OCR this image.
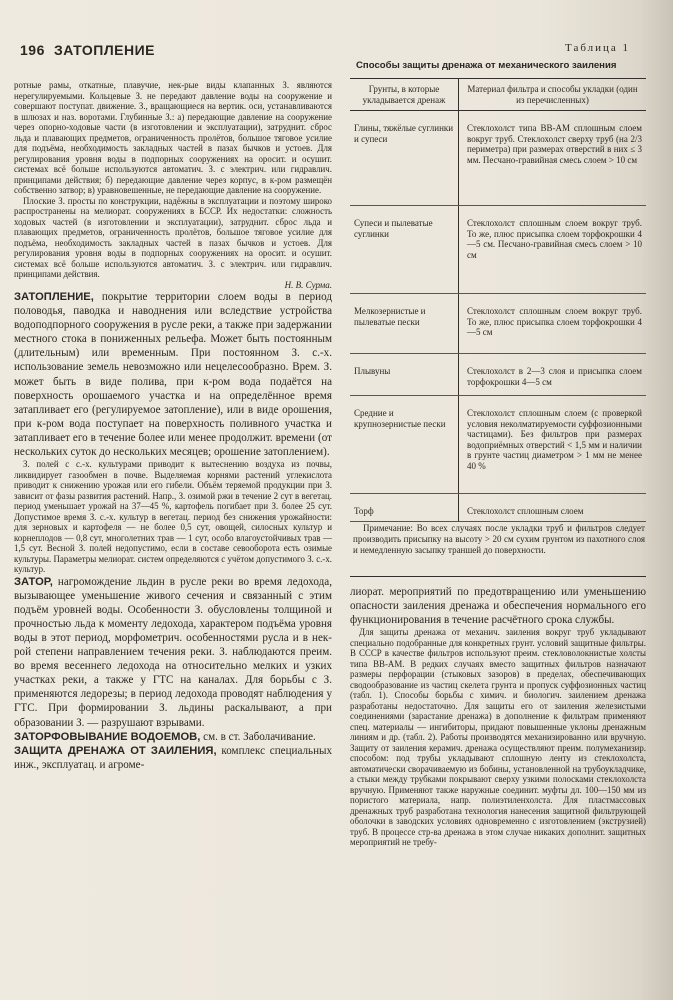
196 ЗАТОПЛЕНИЕ	Таблица 1
Способы защиты дренажа от механического заиления

ротные рамы, откатные, плавучие, нек-рые виды клапанных З. являются нерегулируемыми. Кольцевые З. не передают давление воды на сооружение и совершают поступат. движение. З., вращающиеся на вертик. оси, устанавливаются в шлюзах и наз. воротами. Глубинные З.: а) передающие давление на сооружение через опорно-ходовые части (в изготовлении и эксплуатации), затруднит. сброс льда и плавающих предметов, ограниченность пролётов, большое тяговое усилие для подъёма, необходимость закладных частей в пазах бычков и устоев. Для регулирования уровня воды в подпорных сооружениях на оросит. и осушит. системах всё больше используются автоматич. З. с электрич. или гидравлич. принципами действия; б) передающие давление через корпус, в к-ром размещён собственно затвор; в) уравновешенные, не передающие давление на сооружение.

Плоские З. просты по конструкции, надёжны в эксплуатации и поэтому широко распространены на мелиорат. сооружениях в БССР. Их недостатки: сложность ходовых частей (в изготовлении и эксплуатации), затруднит. сброс льда и плавающих предметов, ограниченность пролётов, большое тяговое усилие для подъёма, необходимость закладных частей в пазах бычков и устоев. Для регулирования уровня воды в подпорных сооружениях на оросит. и осушит. системах всё больше используются автоматич. З. с электрич. или гидравлич. принципами действия.

Н. В. Сурма.

ЗАТОПЛЕНИЕ, покрытие территории слоем воды в период половодья, паводка и наводнения или вследствие устройства водоподпорного сооружения в русле реки, а также при задержании местного стока в пониженных рельефа. Может быть постоянным (длительным) или временным. При постоянном З. с.-х. использование земель невозможно или нецелесообразно. Врем. З. может быть в виде полива, при к-ром вода подаётся на поверхность орошаемого участка и на определённое время затапливает его (регулируемое затопление), или в виде орошения, при к-ром вода поступает на поверхность поливного участка и затапливает его в течение более или менее продолжит. времени (от нескольких суток до нескольких месяцев; орошение затоплением).

З. полей с с.-х. культурами приводит к вытеснению воздуха из почвы, ликвидирует газообмен в почве. Выделяемая корнями растений углекислота приводит к снижению урожая или его гибели. Объём теряемой продукции при З. зависит от фазы развития растений. Напр., З. озимой ржи в течение 2 сут в вегетац. период уменьшает урожай на 37—45 %, картофель погибает при З. более 25 сут. Допустимое время З. с.-х. культур в вегетац. период без снижения урожайности: для зерновых и картофеля — не более 0,5 сут, овощей, силосных культур и корнеплодов — 0,8 сут, многолетних трав — 1 сут, особо влагоустойчивых трав — 1,5 сут. Весной З. полей недопустимо, если в составе севооборота есть озимые культуры. Параметры мелиорат. систем определяются с учётом допустимого З. с.-х. культур.

ЗАТОР, нагромождение льдин в русле реки во время ледохода, вызывающее уменьшение живого сечения и связанный с этим подъём уровней воды. Особенности З. обусловлены толщиной и прочностью льда к моменту ледохода, характером подъёма уровня воды в этот период, морфометрич. особенностями русла и в нек-рой степени направлением течения реки. З. наблюдаются преим. во время весеннего ледохода на относительно мелких и узких участках реки, а также у ГТС на каналах. Для борьбы с З. применяются ледорезы; в период ледохода проводят наблюдения у ГТС. При формировании З. льдины раскалывают, а при образовании З. — разрушают взрывами.

ЗАТОРФОВЫВАНИЕ ВОДОЕМОВ, см. в ст. Заболачивание.

ЗАЩИТА ДРЕНАЖА ОТ ЗАИЛЕНИЯ, комплекс специальных инж., эксплуатац. и агроме-

Грунты, в которые укладывается дренаж	Материал фильтра и способы укладки (один из перечисленных)
Глины, тяжёлые суглинки и супеси	Стеклохолст типа ВВ-АМ сплошным слоем вокруг труб. Стеклохолст сверху труб (на 2/3 периметра) при размерах отверстий в них ≤ 3 мм. Песчано-гравийная смесь слоем > 10 см
Супеси и пылеватые суглинки	Стеклохолст сплошным слоем вокруг труб. То же, плюс присыпка слоем торфокрошки 4—5 см. Песчано-гравийная смесь слоем > 10 см
Мелкозернистые и пылеватые пески	Стеклохолст сплошным слоем вокруг труб. То же, плюс присыпка слоем торфокрошки 4—5 см
Плывуны	Стеклохолст в 2—3 слоя и присыпка слоем торфокрошки 4—5 см
Средние и крупнозернистые пески	Стеклохолст сплошным слоем (с проверкой условия неколматируемости суффозионными частицами). Без фильтров при размерах водоприёмных отверстий < 1,5 мм и наличии в грунте частиц диаметром > 1 мм не менее 40 %
Торф	Стеклохолст сплошным слоем

Примечание: Во всех случаях после укладки труб и фильтров следует производить присыпку на высоту > 20 см сухим грунтом из пахотного слоя и немедленную засыпку траншей до поверхности.

лиорат. мероприятий по предотвращению или уменьшению опасности заиления дренажа и обеспечения нормального его функционирования в течение расчётного срока службы.

Для защиты дренажа от механич. заиления вокруг труб укладывают специально подобранные для конкретных грунт. условий защитные фильтры. В СССР в качестве фильтров используют преим. стекловолокнистые холсты типа ВВ-АМ. В редких случаях вместо защитных фильтров назначают размеры перфорации (стыковых зазоров) в пределах, обеспечивающих сводообразование из частиц скелета грунта и пропуск суффозионных частиц (табл. 1). Способы борьбы с химич. и биологич. заилением дренажа разработаны недостаточно. Для защиты его от заиления железистыми соединениями (зарастание дренажа) в дополнение к фильтрам применяют спец. материалы — ингибиторы, придают повышенные уклоны дренажным линиям и др. (табл. 2). Работы производятся механизированно или вручную. Защиту от заиления керамич. дренажа осуществляют преим. полумеханизир. способом: под трубы укладывают сплошную ленту из стеклохолста, автоматически сворачиваемую из бобины, установленной на трубоукладчике, а стыки между трубками покрывают сверху узкими полосками стеклохолста вручную. Применяют также наружные соединит. муфты дл. 100—150 мм из пористого материала, напр. полиэтиленхолста. Для пластмассовых дренажных труб разработана технология нанесения защитной фильтрующей оболочки в заводских условиях одновременно с изготовлением (экструзией) труб. В процессе стр-ва дренажа в этом случае никаких дополнит. защитных мероприятий не требу-
